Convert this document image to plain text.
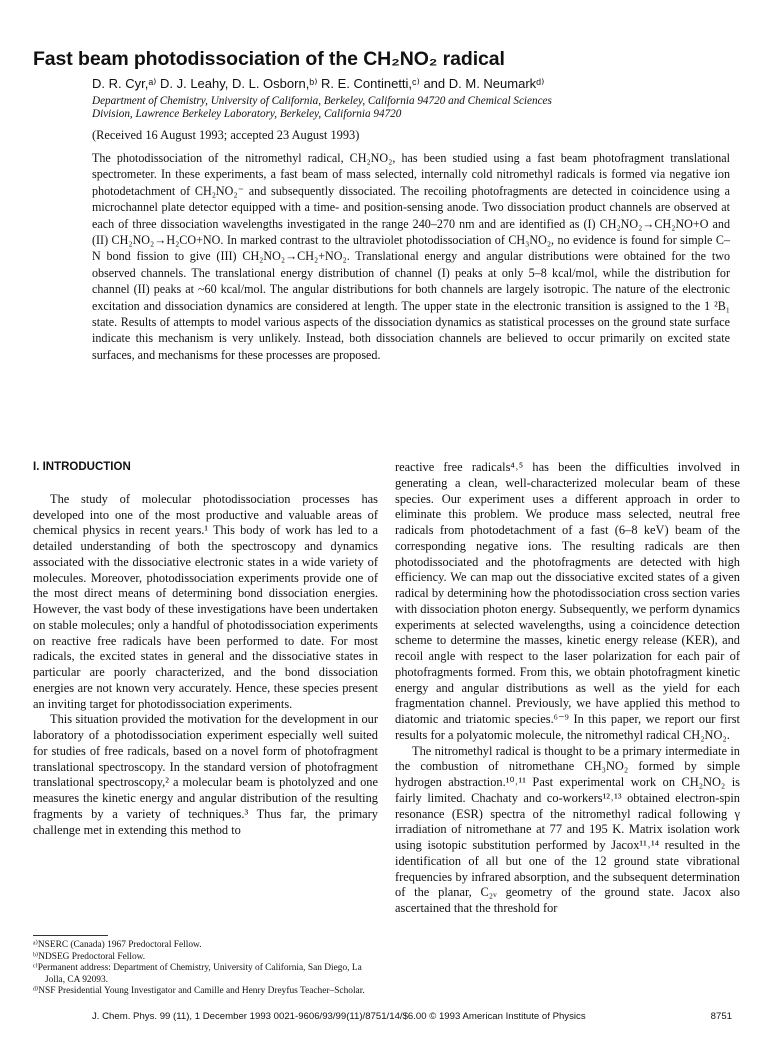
Fast beam photodissociation of the CH₂NO₂ radical
D. R. Cyr,ᵃ⁾ D. J. Leahy, D. L. Osborn,ᵇ⁾ R. E. Continetti,ᶜ⁾ and D. M. Neumarkᵈ⁾
Department of Chemistry, University of California, Berkeley, California 94720 and Chemical Sciences
Division, Lawrence Berkeley Laboratory, Berkeley, California 94720
(Received 16 August 1993; accepted 23 August 1993)

The photodissociation of the nitromethyl radical, CH₂NO₂, has been studied using a fast beam photofragment translational spectrometer. In these experiments, a fast beam of mass selected, internally cold nitromethyl radicals is formed via negative ion photodetachment of CH₂NO₂⁻ and subsequently dissociated. The recoiling photofragments are detected in coincidence using a microchannel plate detector equipped with a time- and position-sensing anode. Two dissociation product channels are observed at each of three dissociation wavelengths investigated in the range 240–270 nm and are identified as (I) CH₂NO₂→CH₂NO+O and (II) CH₂NO₂→H₂CO+NO. In marked contrast to the ultraviolet photodissociation of CH₃NO₂, no evidence is found for simple C–N bond fission to give (III) CH₂NO₂→CH₂+NO₂. Translational energy and angular distributions were obtained for the two observed channels. The translational energy distribution of channel (I) peaks at only 5–8 kcal/mol, while the distribution for channel (II) peaks at ~60 kcal/mol. The angular distributions for both channels are largely isotropic. The nature of the electronic excitation and dissociation dynamics are considered at length. The upper state in the electronic transition is assigned to the 1 ²B₁ state. Results of attempts to model various aspects of the dissociation dynamics as statistical processes on the ground state surface indicate this mechanism is very unlikely. Instead, both dissociation channels are believed to occur primarily on excited state surfaces, and mechanisms for these processes are proposed.

I. INTRODUCTION

The study of molecular photodissociation processes has developed into one of the most productive and valuable areas of chemical physics in recent years.¹ This body of work has led to a detailed understanding of both the spectroscopy and dynamics associated with the dissociative electronic states in a wide variety of molecules. Moreover, photodissociation experiments provide one of the most direct means of determining bond dissociation energies. However, the vast body of these investigations have been undertaken on stable molecules; only a handful of photodissociation experiments on reactive free radicals have been performed to date. For most radicals, the excited states in general and the dissociative states in particular are poorly characterized, and the bond dissociation energies are not known very accurately. Hence, these species present an inviting target for photodissociation experiments.

This situation provided the motivation for the development in our laboratory of a photodissociation experiment especially well suited for studies of free radicals, based on a novel form of photofragment translational spectroscopy. In the standard version of photofragment translational spectroscopy,² a molecular beam is photolyzed and one measures the kinetic energy and angular distribution of the resulting fragments by a variety of techniques.³ Thus far, the primary challenge met in extending this method to

reactive free radicals⁴˒⁵ has been the difficulties involved in generating a clean, well-characterized molecular beam of these species. Our experiment uses a different approach in order to eliminate this problem. We produce mass selected, neutral free radicals from photodetachment of a fast (6–8 keV) beam of the corresponding negative ions. The resulting radicals are then photodissociated and the photofragments are detected with high efficiency. We can map out the dissociative excited states of a given radical by determining how the photodissociation cross section varies with dissociation photon energy. Subsequently, we perform dynamics experiments at selected wavelengths, using a coincidence detection scheme to determine the masses, kinetic energy release (KER), and recoil angle with respect to the laser polarization for each pair of photofragments formed. From this, we obtain photofragment kinetic energy and angular distributions as well as the yield for each fragmentation channel. Previously, we have applied this method to diatomic and triatomic species.⁶⁻⁹ In this paper, we report our first results for a polyatomic molecule, the nitromethyl radical CH₂NO₂.

The nitromethyl radical is thought to be a primary intermediate in the combustion of nitromethane CH₃NO₂ formed by simple hydrogen abstraction.¹⁰˒¹¹ Past experimental work on CH₂NO₂ is fairly limited. Chachaty and co-workers¹²˒¹³ obtained electron-spin resonance (ESR) spectra of the nitromethyl radical following γ irradiation of nitromethane at 77 and 195 K. Matrix isolation work using isotopic substitution performed by Jacox¹¹˒¹⁴ resulted in the identification of all but one of the 12 ground state vibrational frequencies by infrared absorption, and the subsequent determination of the planar, C₂ᵥ geometry of the ground state. Jacox also ascertained that the threshold for

ᵃ⁾NSERC (Canada) 1967 Predoctoral Fellow.
ᵇ⁾NDSEG Predoctoral Fellow.
ᶜ⁾Permanent address: Department of Chemistry, University of California, San Diego, La Jolla, CA 92093.
ᵈ⁾NSF Presidential Young Investigator and Camille and Henry Dreyfus Teacher–Scholar.
J. Chem. Phys. 99 (11), 1 December 1993 0021-9606/93/99(11)/8751/14/$6.00 © 1993 American Institute of Physics	8751
